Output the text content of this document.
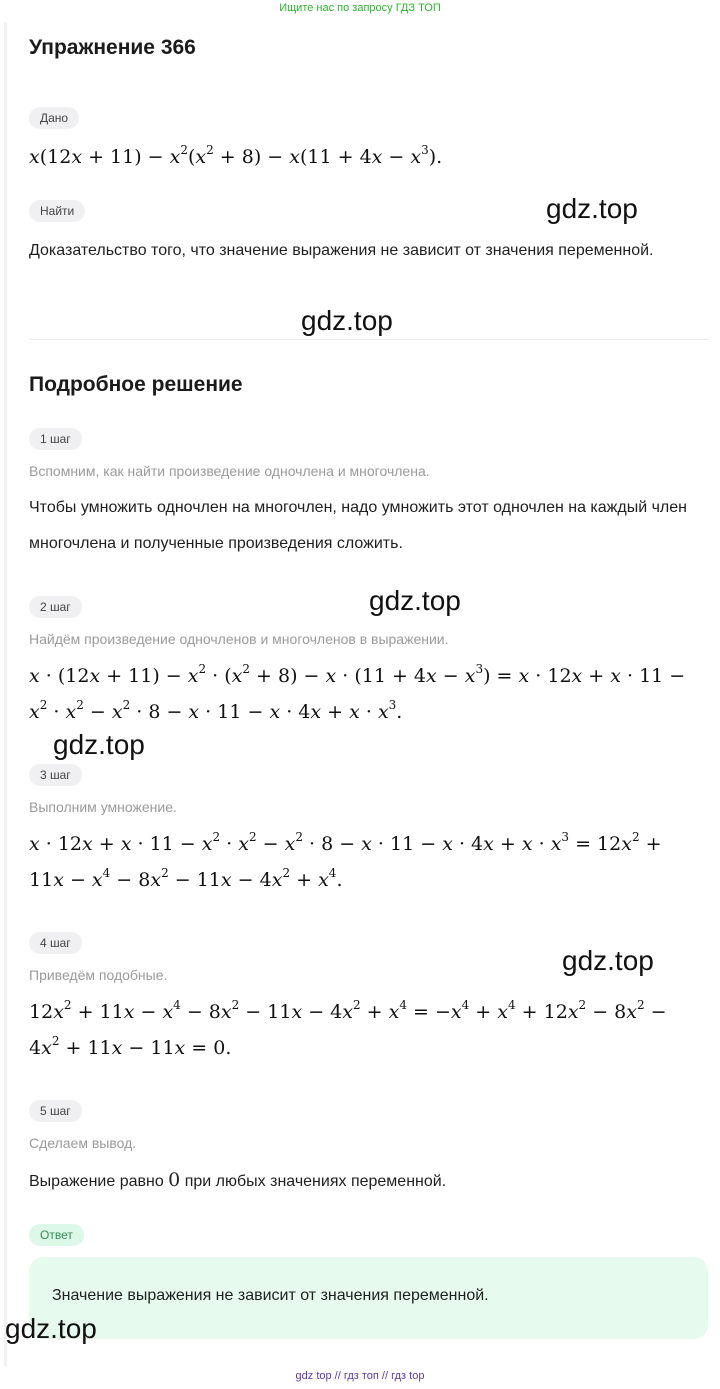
Ищите нас по запросу ГДЗ ТОП
Упражнение 366
Дано
$x(12x + 11) - x^2(x^2 + 8) - x(11 + 4x - x^3)$.
Найти
Доказательство того, что значение выражения не зависит от значения переменной.
Подробное решение
1 шаг
Вспомним, как найти произведение одночлена и многочлена.
Чтобы умножить одночлен на многочлен, надо умножить этот одночлен на каждый член многочлена и полученные произведения сложить.
2 шаг
Найдём произведение одночленов и многочленов в выражении.
$x \cdot (12x + 11) - x^2 \cdot (x^2 + 8) - x \cdot (11 + 4x - x^3) = x \cdot 12x + x \cdot 11 - x^2 \cdot x^2 - x^2 \cdot 8 - x \cdot 11 - x \cdot 4x + x \cdot x^3$.
3 шаг
Выполним умножение.
$x \cdot 12x + x \cdot 11 - x^2 \cdot x^2 - x^2 \cdot 8 - x \cdot 11 - x \cdot 4x + x \cdot x^3 = 12x^2 + 11x - x^4 - 8x^2 - 11x - 4x^2 + x^4$.
4 шаг
Приведём подобные.
$12x^2 + 11x - x^4 - 8x^2 - 11x - 4x^2 + x^4 = -x^4 + x^4 + 12x^2 - 8x^2 - 4x^2 + 11x - 11x = 0$.
5 шаг
Сделаем вывод.
Выражение равно 0 при любых значениях переменной.
Ответ
Значение выражения не зависит от значения переменной.
gdz.top
gdz.top
gdz.top
gdz.top
gdz.top
gdz.top
gdz top // гдз топ // гдз top
